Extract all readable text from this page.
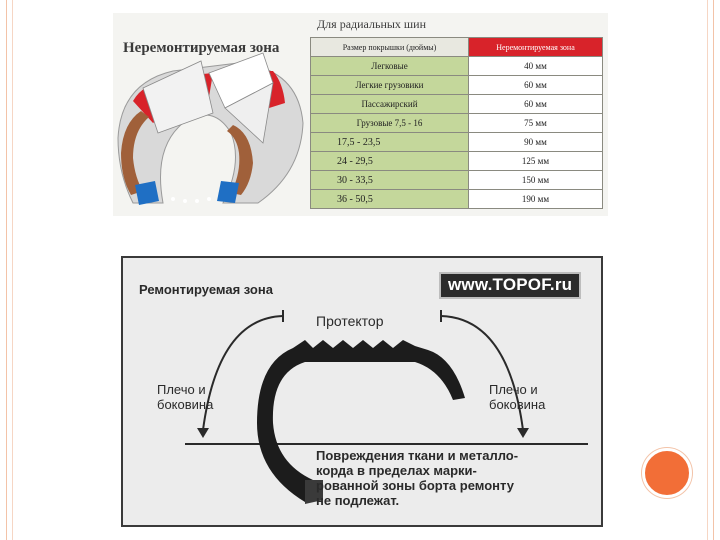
Неремонтируемая зона
Для радиальных шин
Размер покрышки (дюймы)	Неремонтируемая зона
Легковые	40 мм
Легкие грузовики	60 мм
Пассажирский	60 мм
Грузовые 7,5 - 16	75 мм
17,5 - 23,5	90 мм
24 - 29,5	125 мм
30 - 33,5	150 мм
36 - 50,5	190 мм
Ремонтируемая зона	www.TOPOF.ru
Протектор
Плечо и
боковина
Плечо и
боковина
Повреждения ткани и металло-
корда в пределах марки-
рованной зоны борта ремонту
не подлежат.
